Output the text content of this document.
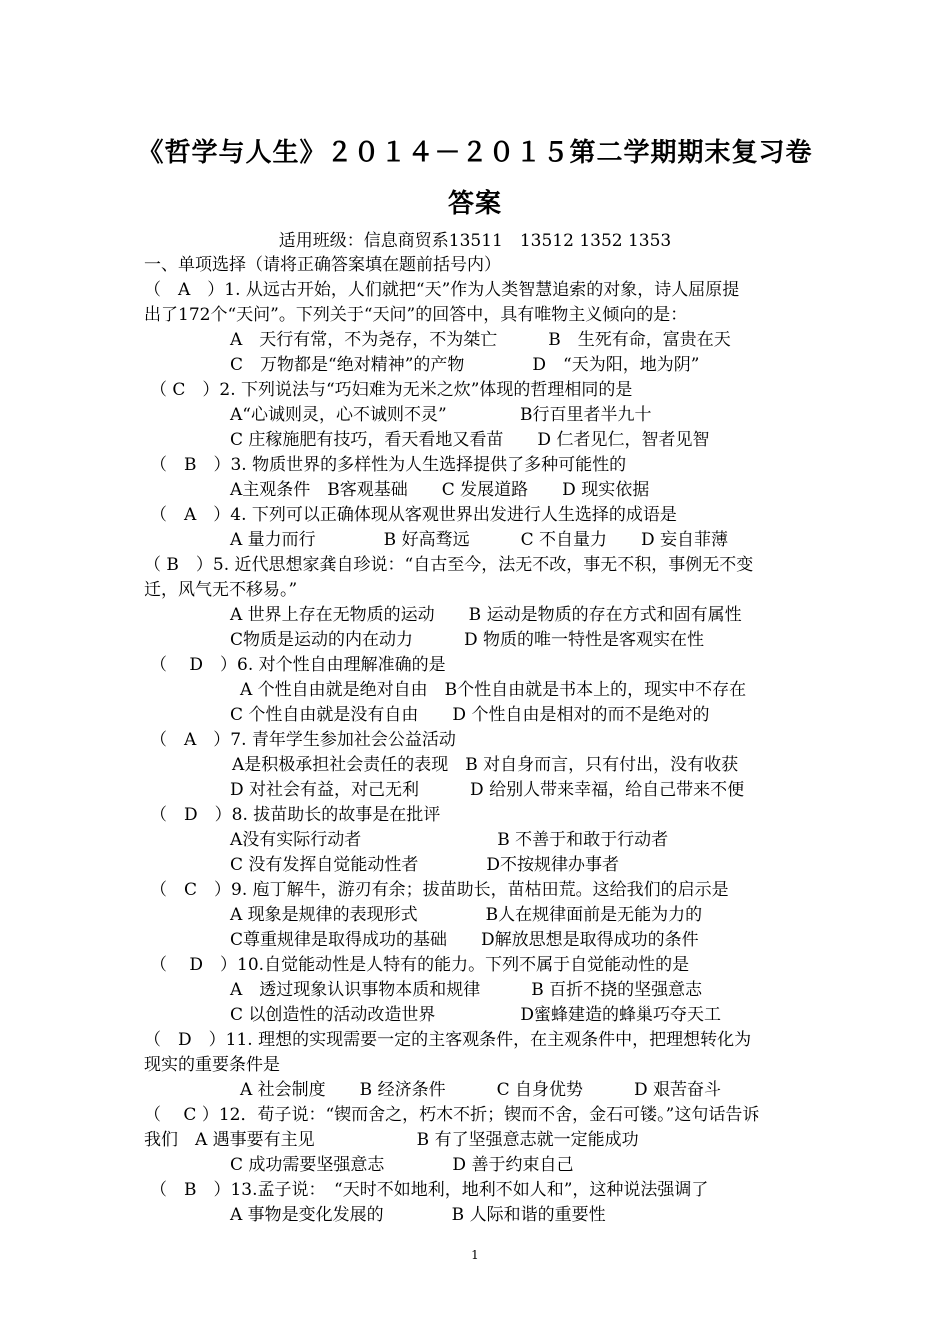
《哲学与人生》２０１４－２０１５第二学期期末复习卷
答案
适用班级：信息商贸系13511　13512 1352 1353
一、单项选择（请将正确答案填在题前括号内）
（　A　）1. 从远古开始，人们就把“天”作为人类智慧追索的对象，诗人屈原提
出了172个“天问”。下列关于“天问”的回答中，具有唯物主义倾向的是：
A　天行有常，不为尧存，不为桀亡　　　B　生死有命，富贵在天
C　万物都是“绝对精神”的产物　　　　D　“天为阳，地为阴”
（ C　）2. 下列说法与“巧妇难为无米之炊”体现的哲理相同的是
A“心诚则灵，心不诚则不灵”　　　　 B行百里者半九十
C 庄稼施肥有技巧，看天看地又看苗　　D 仁者见仁，智者见智
（　B　）3. 物质世界的多样性为人生选择提供了多种可能性的
A主观条件　B客观基础　　C 发展道路　　D 现实依据
（　A　）4. 下列可以正确体现从客观世界出发进行人生选择的成语是
A 量力而行　　　　B 好高骛远　　　C 不自量力　　D 妄自菲薄
（ B　）5. 近代思想家龚自珍说：“自古至今，法无不改，事无不积，事例无不变
迁，风气无不移易。”
A 世界上存在无物质的运动　　B 运动是物质的存在方式和固有属性
C物质是运动的内在动力　　　D 物质的唯一特性是客观实在性
（　 D　）6. 对个性自由理解准确的是
A 个性自由就是绝对自由　B个性自由就是书本上的，现实中不存在
C 个性自由就是没有自由　　D 个性自由是相对的而不是绝对的
（　A　）7. 青年学生参加社会公益活动
A是积极承担社会责任的表现　B 对自身而言，只有付出，没有收获
D 对社会有益，对己无利　　　D 给别人带来幸福，给自己带来不便
（　D　）8. 拔苗助长的故事是在批评
A没有实际行动者　　　　　　　　B 不善于和敢于行动者
C 没有发挥自觉能动性者　　　　D不按规律办事者
（　C　）9. 庖丁解牛，游刃有余；拔苗助长，苗枯田荒。这给我们的启示是
A 现象是规律的表现形式　　　　B人在规律面前是无能为力的
C尊重规律是取得成功的基础　　D解放思想是取得成功的条件
（　 D　）10.自觉能动性是人特有的能力。下列不属于自觉能动性的是
A　透过现象认识事物本质和规律　　　B 百折不挠的坚强意志
C 以创造性的活动改造世界　　　　　D蜜蜂建造的蜂巢巧夺天工
（　D　）11. 理想的实现需要一定的主客观条件，在主观条件中，把理想转化为
现实的重要条件是
A 社会制度　　B 经济条件　　　C 自身优势　　　D 艰苦奋斗
（　 C ）12．荀子说：“锲而舍之，朽木不折；锲而不舍，金石可镂。”这句话告诉
我们　A 遇事要有主见　　　　　　B 有了坚强意志就一定能成功
C 成功需要坚强意志　　　　D 善于约束自己
（　B　）13.孟子说：　“天时不如地利，地利不如人和”，这种说法强调了
A 事物是变化发展的　　　　B 人际和谐的重要性
1
